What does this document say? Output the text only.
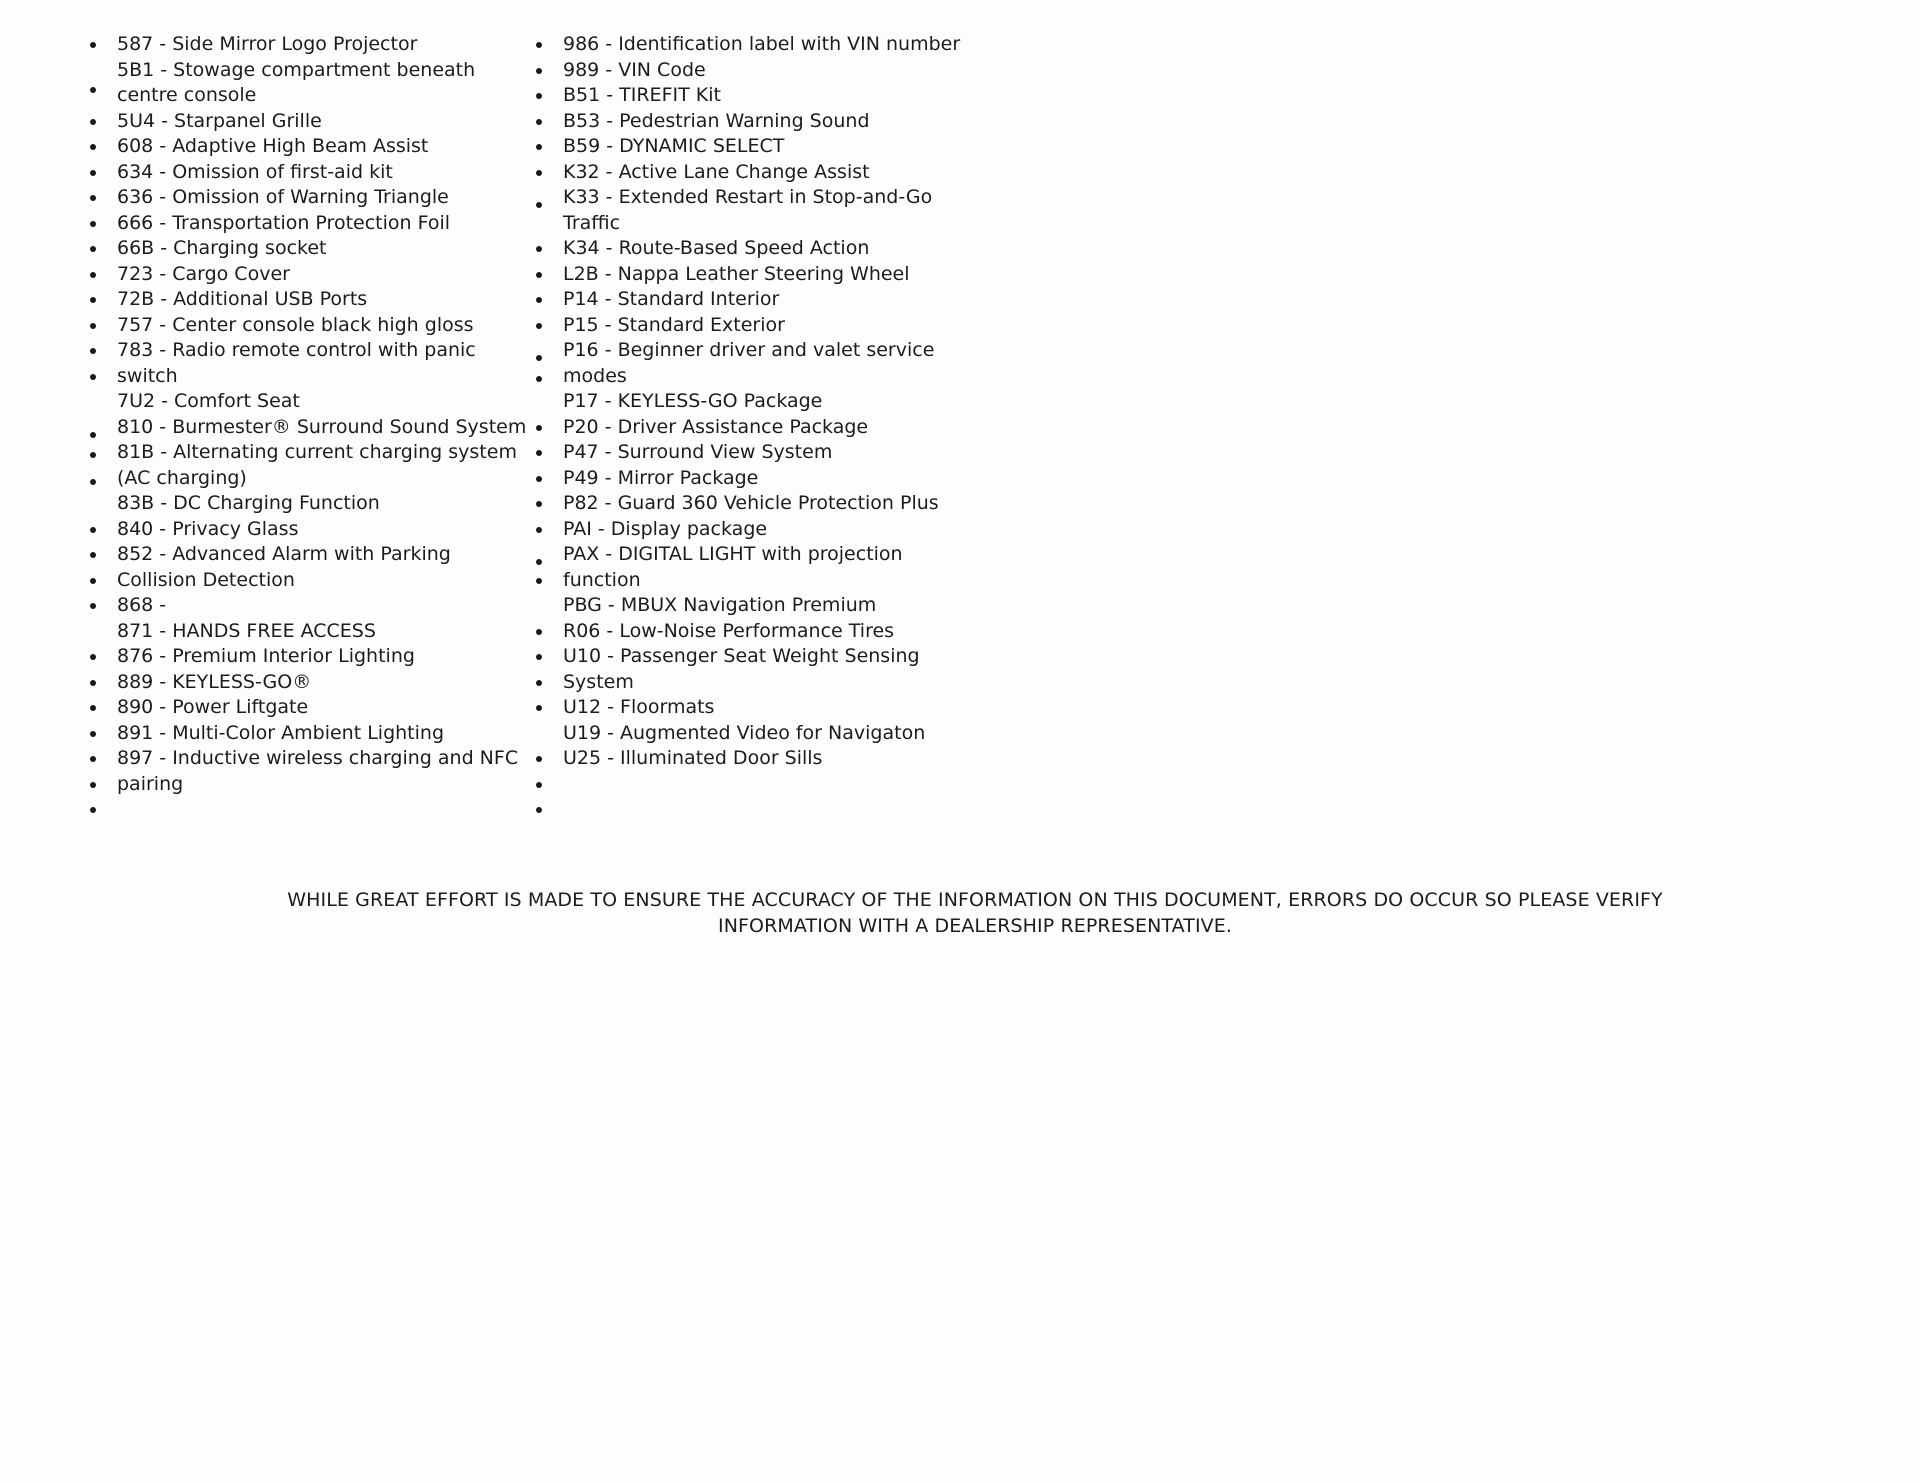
587 - Side Mirror Logo Projector
5B1 - Stowage compartment beneath
centre console
5U4 - Starpanel Grille
608 - Adaptive High Beam Assist
634 - Omission of first-aid kit
636 - Omission of Warning Triangle
666 - Transportation Protection Foil
66B - Charging socket
723 - Cargo Cover
72B - Additional USB Ports
757 - Center console black high gloss
783 - Radio remote control with panic
switch
7U2 - Comfort Seat
810 - Burmester® Surround Sound System
81B - Alternating current charging system
(AC charging)
83B - DC Charging Function
840 - Privacy Glass
852 - Advanced Alarm with Parking
Collision Detection
868 -
871 - HANDS FREE ACCESS
876 - Premium Interior Lighting
889 - KEYLESS-GO®
890 - Power Liftgate
891 - Multi-Color Ambient Lighting
897 - Inductive wireless charging and NFC
pairing
986 - Identification label with VIN number
989 - VIN Code
B51 - TIREFIT Kit
B53 - Pedestrian Warning Sound
B59 - DYNAMIC SELECT
K32 - Active Lane Change Assist
K33 - Extended Restart in Stop-and-Go
Traffic
K34 - Route-Based Speed Action
L2B - Nappa Leather Steering Wheel
P14 - Standard Interior
P15 - Standard Exterior
P16 - Beginner driver and valet service
modes
P17 - KEYLESS-GO Package
P20 - Driver Assistance Package
P47 - Surround View System
P49 - Mirror Package
P82 - Guard 360 Vehicle Protection Plus
PAI - Display package
PAX - DIGITAL LIGHT with projection
function
PBG - MBUX Navigation Premium
R06 - Low-Noise Performance Tires
U10 - Passenger Seat Weight Sensing
System
U12 - Floormats
U19 - Augmented Video for Navigaton
U25 - Illuminated Door Sills
WHILE GREAT EFFORT IS MADE TO ENSURE THE ACCURACY OF THE INFORMATION ON THIS DOCUMENT, ERRORS DO OCCUR SO PLEASE VERIFY
INFORMATION WITH A DEALERSHIP REPRESENTATIVE.
